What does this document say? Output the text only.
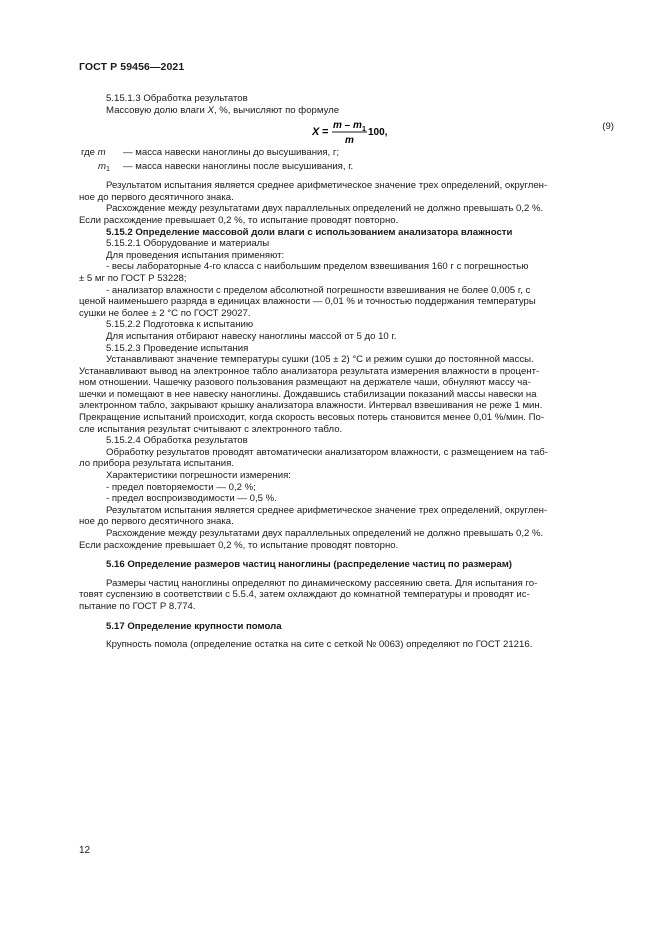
ГОСТ Р 59456—2021

5.15.1.3 Обработка результатов

Массовую долю влаги X, %, вычисляют по формуле

X =
m – m 1
m
100,
(9)
где m — масса навески наноглины до высушивания, г;
$m_1$ — масса навески наноглины после высушивания, г.

Результатом испытания является среднее арифметическое значение трех определений, округлен-

ное до первого десятичного знака.

Расхождение между результатами двух параллельных определений не должно превышать 0,2 %.

Если расхождение превышает 0,2 %, то испытание проводят повторно.

5.15.2 Определение массовой доли влаги с использованием анализатора влажности

5.15.2.1 Оборудование и материалы

Для проведения испытания применяют:

- весы лабораторные 4-го класса с наибольшим пределом взвешивания 160 г с погрешностью

± 5 мг по ГОСТ Р 53228;

- анализатор влажности с пределом абсолютной погрешности взвешивания не более 0,005 г, с

ценой наименьшего разряда в единицах влажности — 0,01 % и точностью поддержания температуры

сушки не более ± 2 °С по ГОСТ 29027.

5.15.2.2 Подготовка к испытанию

Для испытания отбирают навеску наноглины массой от 5 до 10 г.

5.15.2.3 Проведение испытания

Устанавливают значение температуры сушки (105 ± 2) °С и режим сушки до постоянной массы.

Устанавливают вывод на электронное табло анализатора результата измерения влажности в процент-

ном отношении. Чашечку разового пользования размещают на держателе чаши, обнуляют массу ча-

шечки и помещают в нее навеску наноглины. Дождавшись стабилизации показаний массы навески на

электронном табло, закрывают крышку анализатора влажности. Интервал взвешивания не реже 1 мин.

Прекращение испытаний происходит, когда скорость весовых потерь становится менее 0,01 %/мин. По-

сле испытания результат считывают с электронного табло.

5.15.2.4 Обработка результатов

Обработку результатов проводят автоматически анализатором влажности, с размещением на таб-

ло прибора результата испытания.

Характеристики погрешности измерения:

- предел повторяемости — 0,2 %;

- предел воспроизводимости — 0,5 %.

Результатом испытания является среднее арифметическое значение трех определений, округлен-

ное до первого десятичного знака.

Расхождение между результатами двух параллельных определений не должно превышать 0,2 %.

Если расхождение превышает 0,2 %, то испытание проводят повторно.

5.16 Определение размеров частиц наноглины (распределение частиц по размерам)

Размеры частиц наноглины определяют по динамическому рассеянию света. Для испытания го-

товят суспензию в соответствии с 5.5.4, затем охлаждают до комнатной температуры и проводят ис-

пытание по ГОСТ Р 8.774.

5.17 Определение крупности помола

Крупность помола (определение остатка на сите с сеткой № 0063) определяют по ГОСТ 21216.

12
